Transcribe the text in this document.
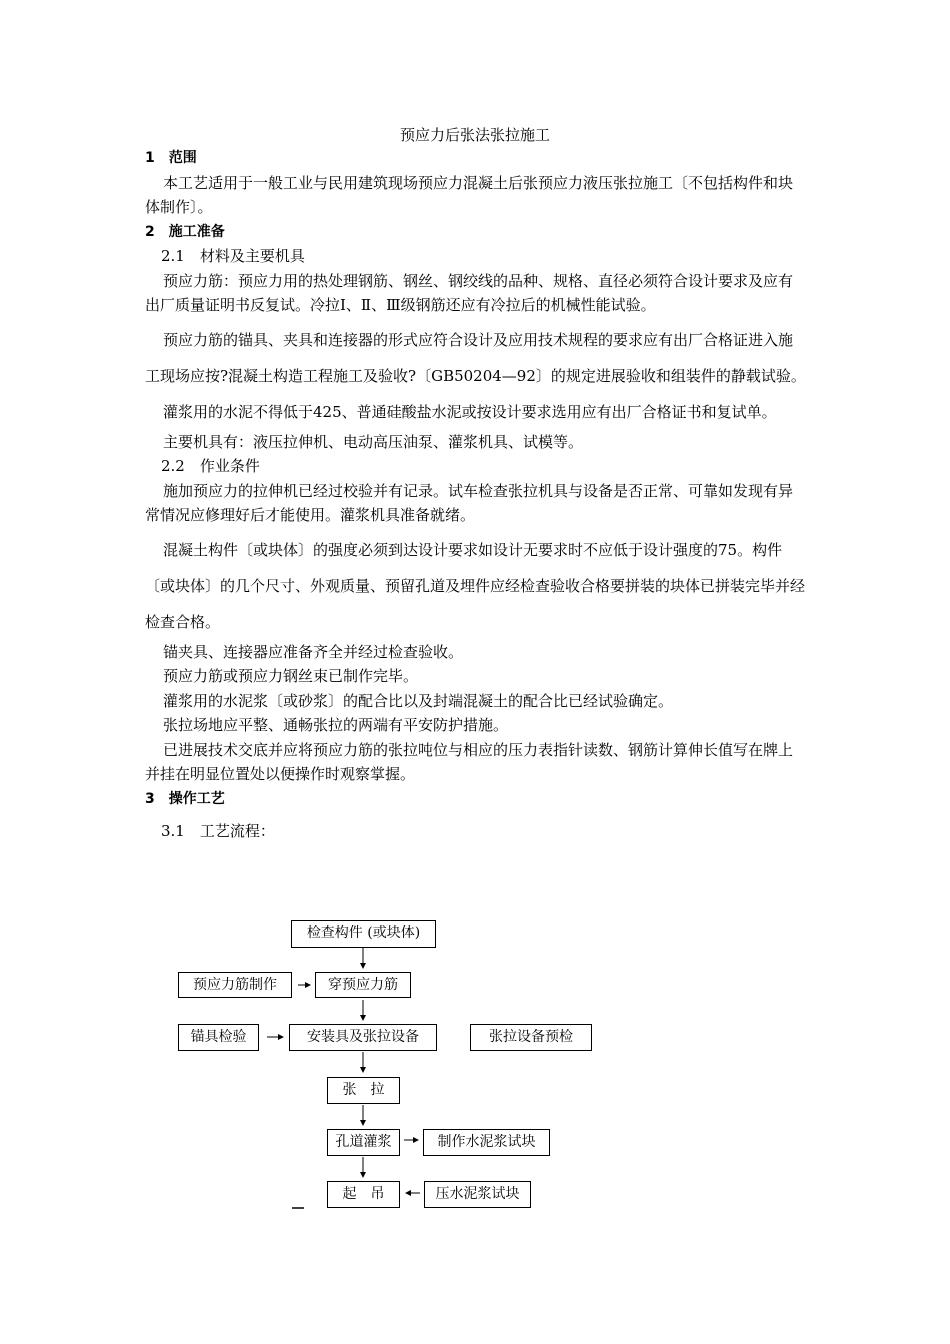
预应力后张法张拉施工

1　范围

本工艺适用于一般工业与民用建筑现场预应力混凝土后张预应力液压张拉施工〔不包括构件和块体制作〕。

2　施工准备

2.1　材料及主要机具

预应力筋：预应力用的热处理钢筋、钢丝、钢绞线的品种、规格、直径必须符合设计要求及应有出厂质量证明书反复试。冷拉Ⅰ、Ⅱ、Ⅲ级钢筋还应有冷拉后的机械性能试验。

预应力筋的锚具、夹具和连接器的形式应符合设计及应用技术规程的要求应有出厂合格证进入施工现场应按?混凝土构造工程施工及验收?〔GB50204—92〕的规定进展验收和组装件的静载试验。

灌浆用的水泥不得低于425、普通硅酸盐水泥或按设计要求选用应有出厂合格证书和复试单。

主要机具有：液压拉伸机、电动高压油泵、灌浆机具、试模等。

2.2　作业条件

施加预应力的拉伸机已经过校验并有记录。试车检查张拉机具与设备是否正常、可靠如发现有异常情况应修理好后才能使用。灌浆机具准备就绪。

混凝土构件〔或块体〕的强度必须到达设计要求如设计无要求时不应低于设计强度的75。构件〔或块体〕的几个尺寸、外观质量、预留孔道及埋件应经检查验收合格要拼装的块体已拼装完毕并经检查合格。

锚夹具、连接器应准备齐全并经过检查验收。

预应力筋或预应力钢丝束已制作完毕。

灌浆用的水泥浆〔或砂浆〕的配合比以及封端混凝土的配合比已经试验确定。

张拉场地应平整、通畅张拉的两端有平安防护措施。

已进展技术交底并应将预应力筋的张拉吨位与相应的压力表指针读数、钢筋计算伸长值写在牌上并挂在明显位置处以便操作时观察掌握。

3　操作工艺

3.1　工艺流程：

检查构件 (或块体)
预应力筋制作	穿预应力筋
锚具检验	安装具及张拉设备	张拉设备预检
张　拉
孔道灌浆	制作水泥浆试块
起　吊	压水泥浆试块
